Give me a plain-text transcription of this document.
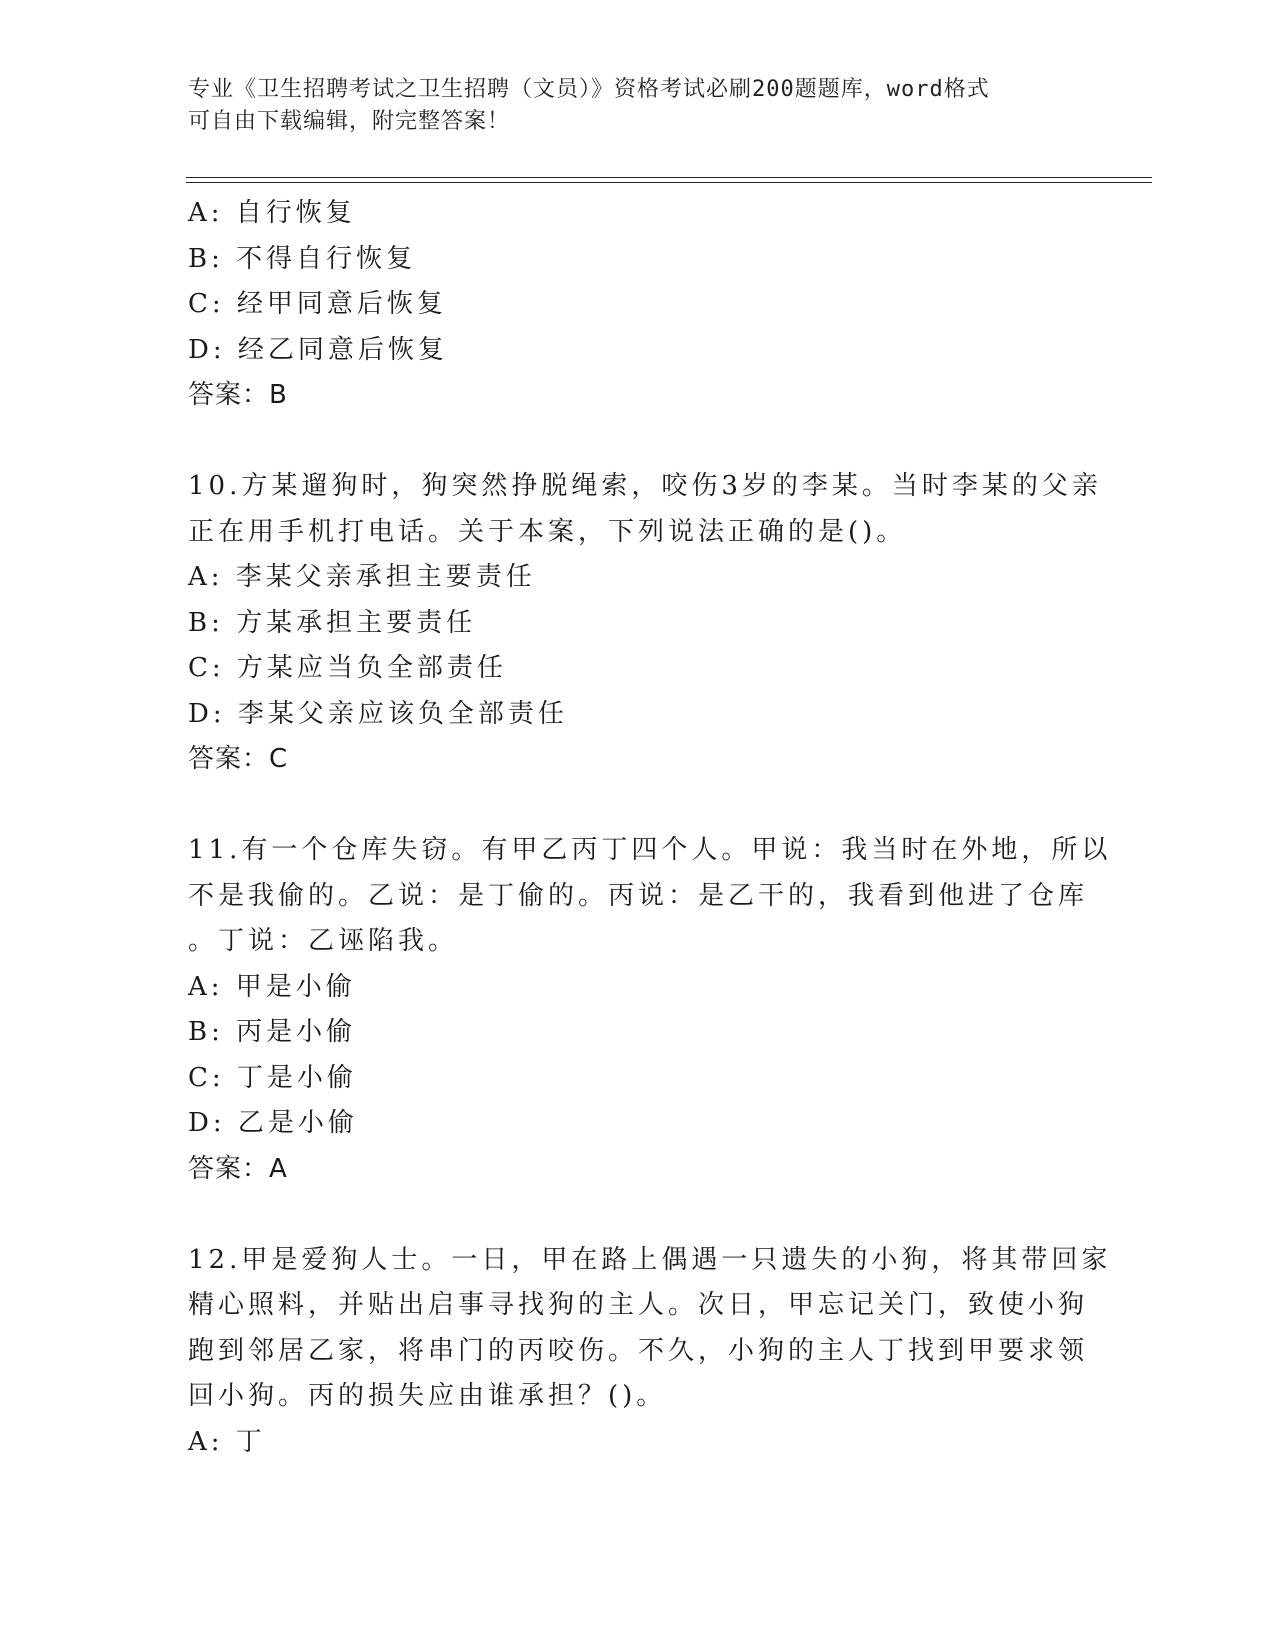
专业《卫生招聘考试之卫生招聘（文员）》资格考试必刷200题题库，word格式
可自由下载编辑，附完整答案！
A: 自行恢复
B: 不得自行恢复
C: 经甲同意后恢复
D: 经乙同意后恢复
答案：B
10.方某遛狗时，狗突然挣脱绳索，咬伤3岁的李某。当时李某的父亲
正在用手机打电话。关于本案，下列说法正确的是()。
A: 李某父亲承担主要责任
B: 方某承担主要责任
C: 方某应当负全部责任
D: 李某父亲应该负全部责任
答案：C
11.有一个仓库失窃。有甲乙丙丁四个人。甲说：我当时在外地，所以
不是我偷的。乙说：是丁偷的。丙说：是乙干的，我看到他进了仓库
。丁说：乙诬陷我。
A: 甲是小偷
B: 丙是小偷
C: 丁是小偷
D: 乙是小偷
答案：A
12.甲是爱狗人士。一日，甲在路上偶遇一只遗失的小狗，将其带回家
精心照料，并贴出启事寻找狗的主人。次日，甲忘记关门，致使小狗
跑到邻居乙家，将串门的丙咬伤。不久，小狗的主人丁找到甲要求领
回小狗。丙的损失应由谁承担？()。
A: 丁
